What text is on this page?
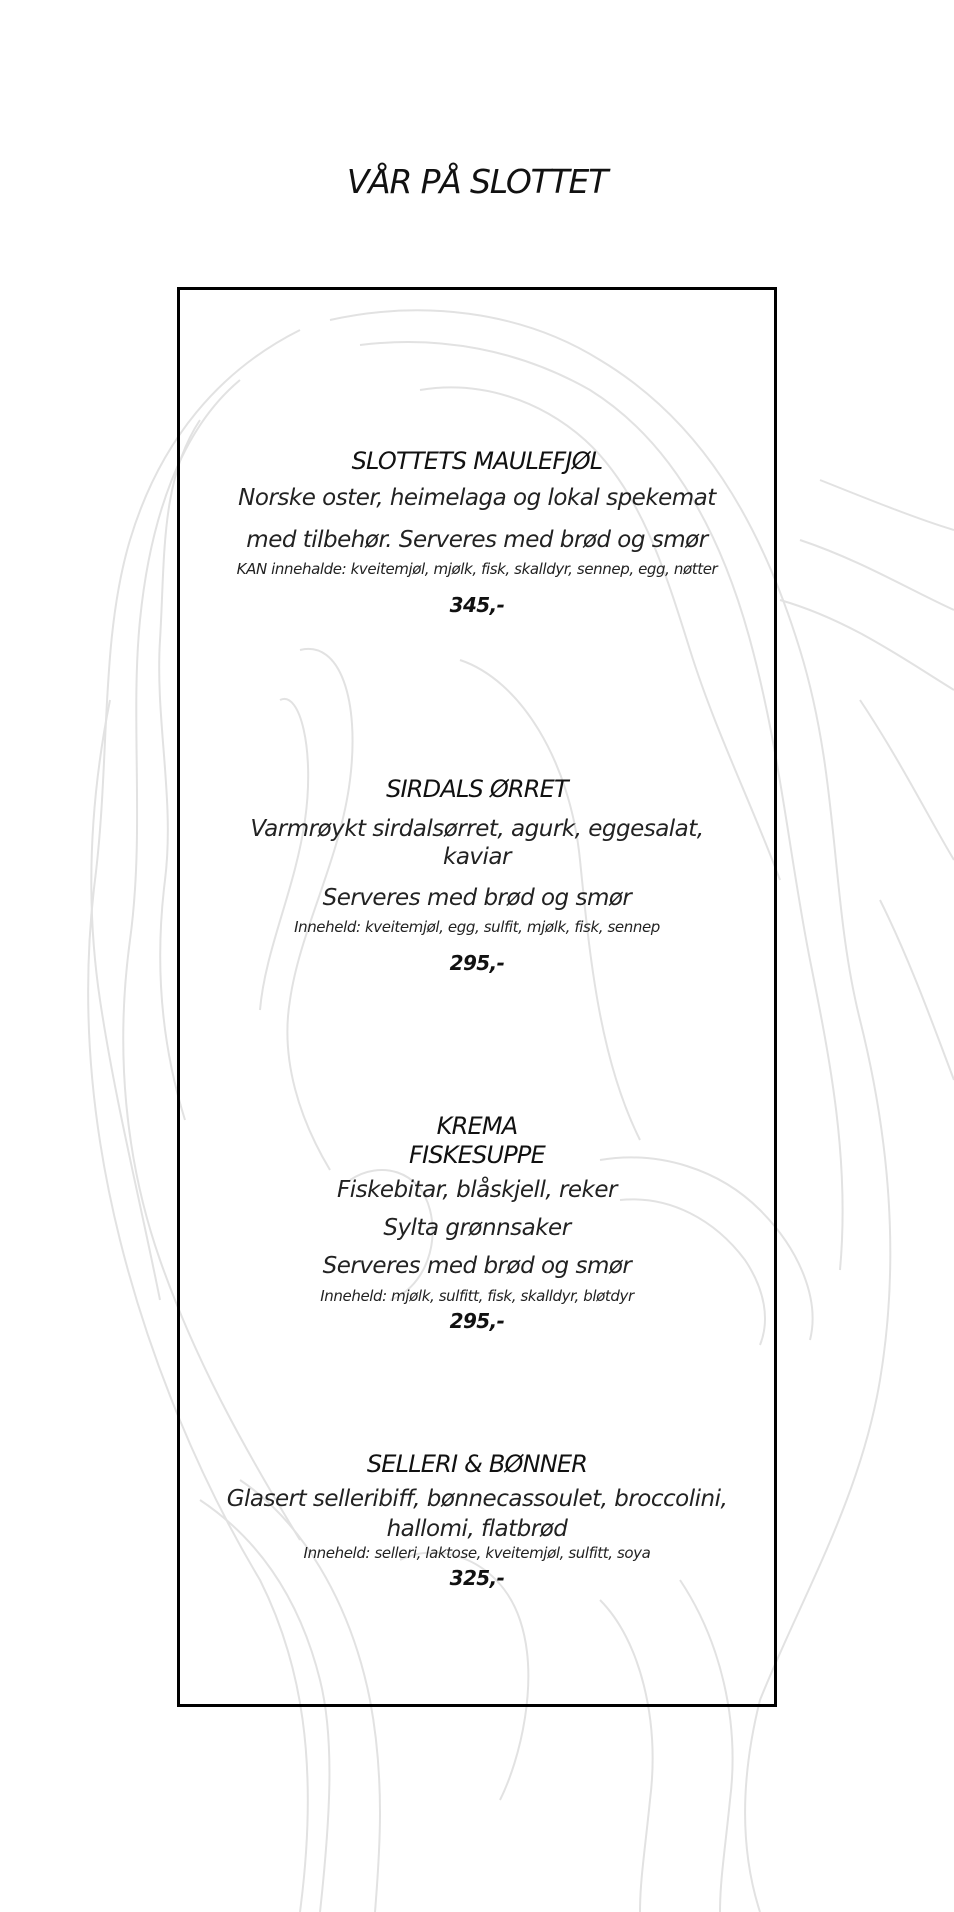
VÅR PÅ SLOTTET
SLOTTETS MAULEFJØL
Norske oster, heimelaga og lokal spekemat
med tilbehør. Serveres med brød og smør
KAN innehalde: kveitemjøl, mjølk, fisk, skalldyr, sennep, egg, nøtter
345,-
SIRDALS ØRRET
Varmrøykt sirdalsørret, agurk, eggesalat,
kaviar
Serveres med brød og smør
Inneheld: kveitemjøl, egg, sulfit, mjølk, fisk, sennep
295,-
KREMA
FISKESUPPE
Fiskebitar, blåskjell, reker
Sylta grønnsaker
Serveres med brød og smør
Inneheld: mjølk, sulfitt, fisk, skalldyr, bløtdyr
295,-
SELLERI & BØNNER
Glasert selleribiff, bønnecassoulet, broccolini,
hallomi, flatbrød
Inneheld: selleri, laktose, kveitemjøl, sulfitt, soya
325,-
